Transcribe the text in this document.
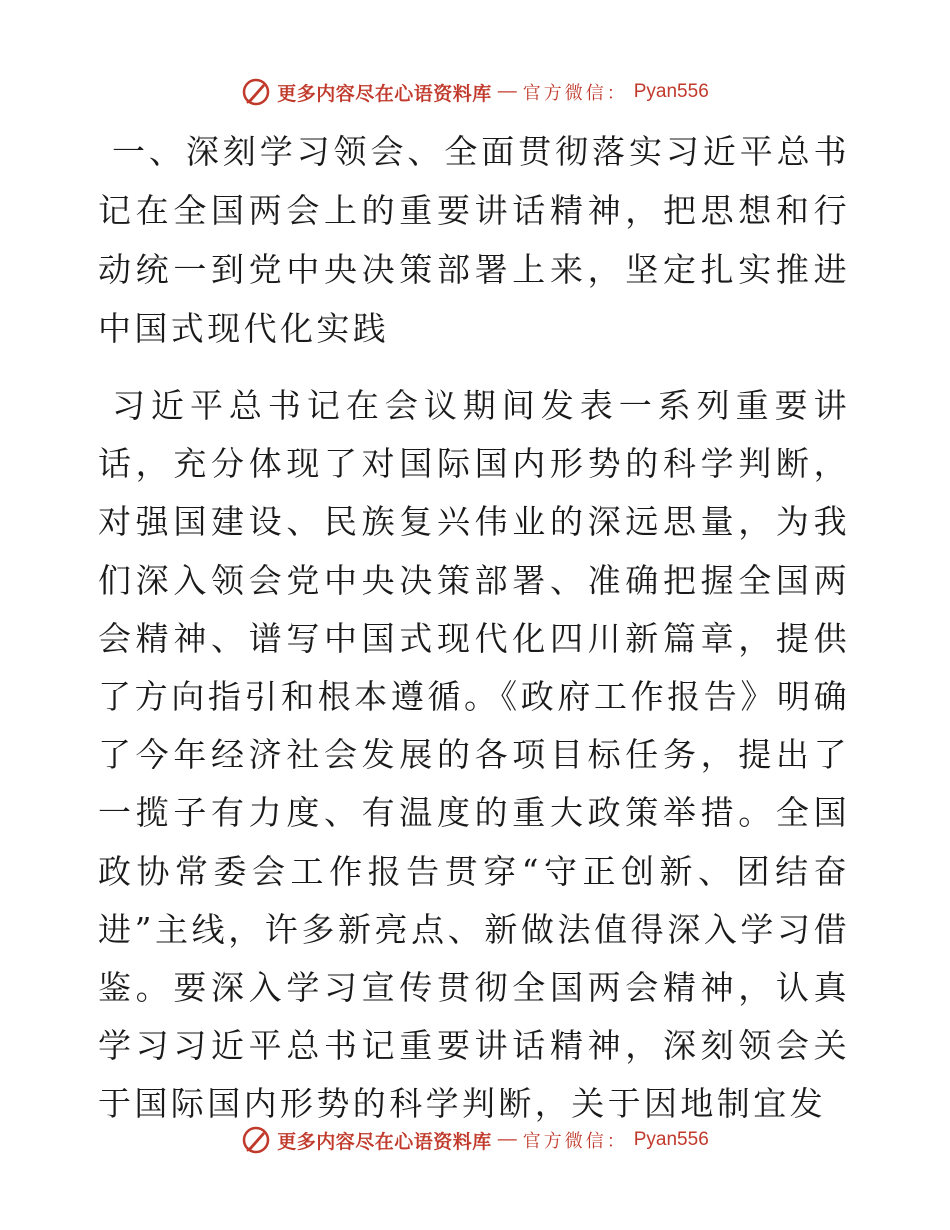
更多内容尽在心语资料库 — 官方微信： Pyan556
一、深刻学习领会、全面贯彻落实习近平总书记在全国两会上的重要讲话精神，把思想和行动统一到党中央决策部署上来，坚定扎实推进中国式现代化实践

习近平总书记在会议期间发表一系列重要讲话，充分体现了对国际国内形势的科学判断，对强国建设、民族复兴伟业的深远思量，为我们深入领会党中央决策部署、准确把握全国两会精神、谱写中国式现代化四川新篇章，提供了方向指引和根本遵循。《政府工作报告》明确了今年经济社会发展的各项目标任务，提出了一揽子有力度、有温度的重大政策举措。全国政协常委会工作报告贯穿“守正创新、团结奋进”主线，许多新亮点、新做法值得深入学习借鉴。要深入学习宣传贯彻全国两会精神，认真学习习近平总书记重要讲话精神，深刻领会关于国际国内形势的科学判断，关于因地制宜发

更多内容尽在心语资料库 — 官方微信： Pyan556
